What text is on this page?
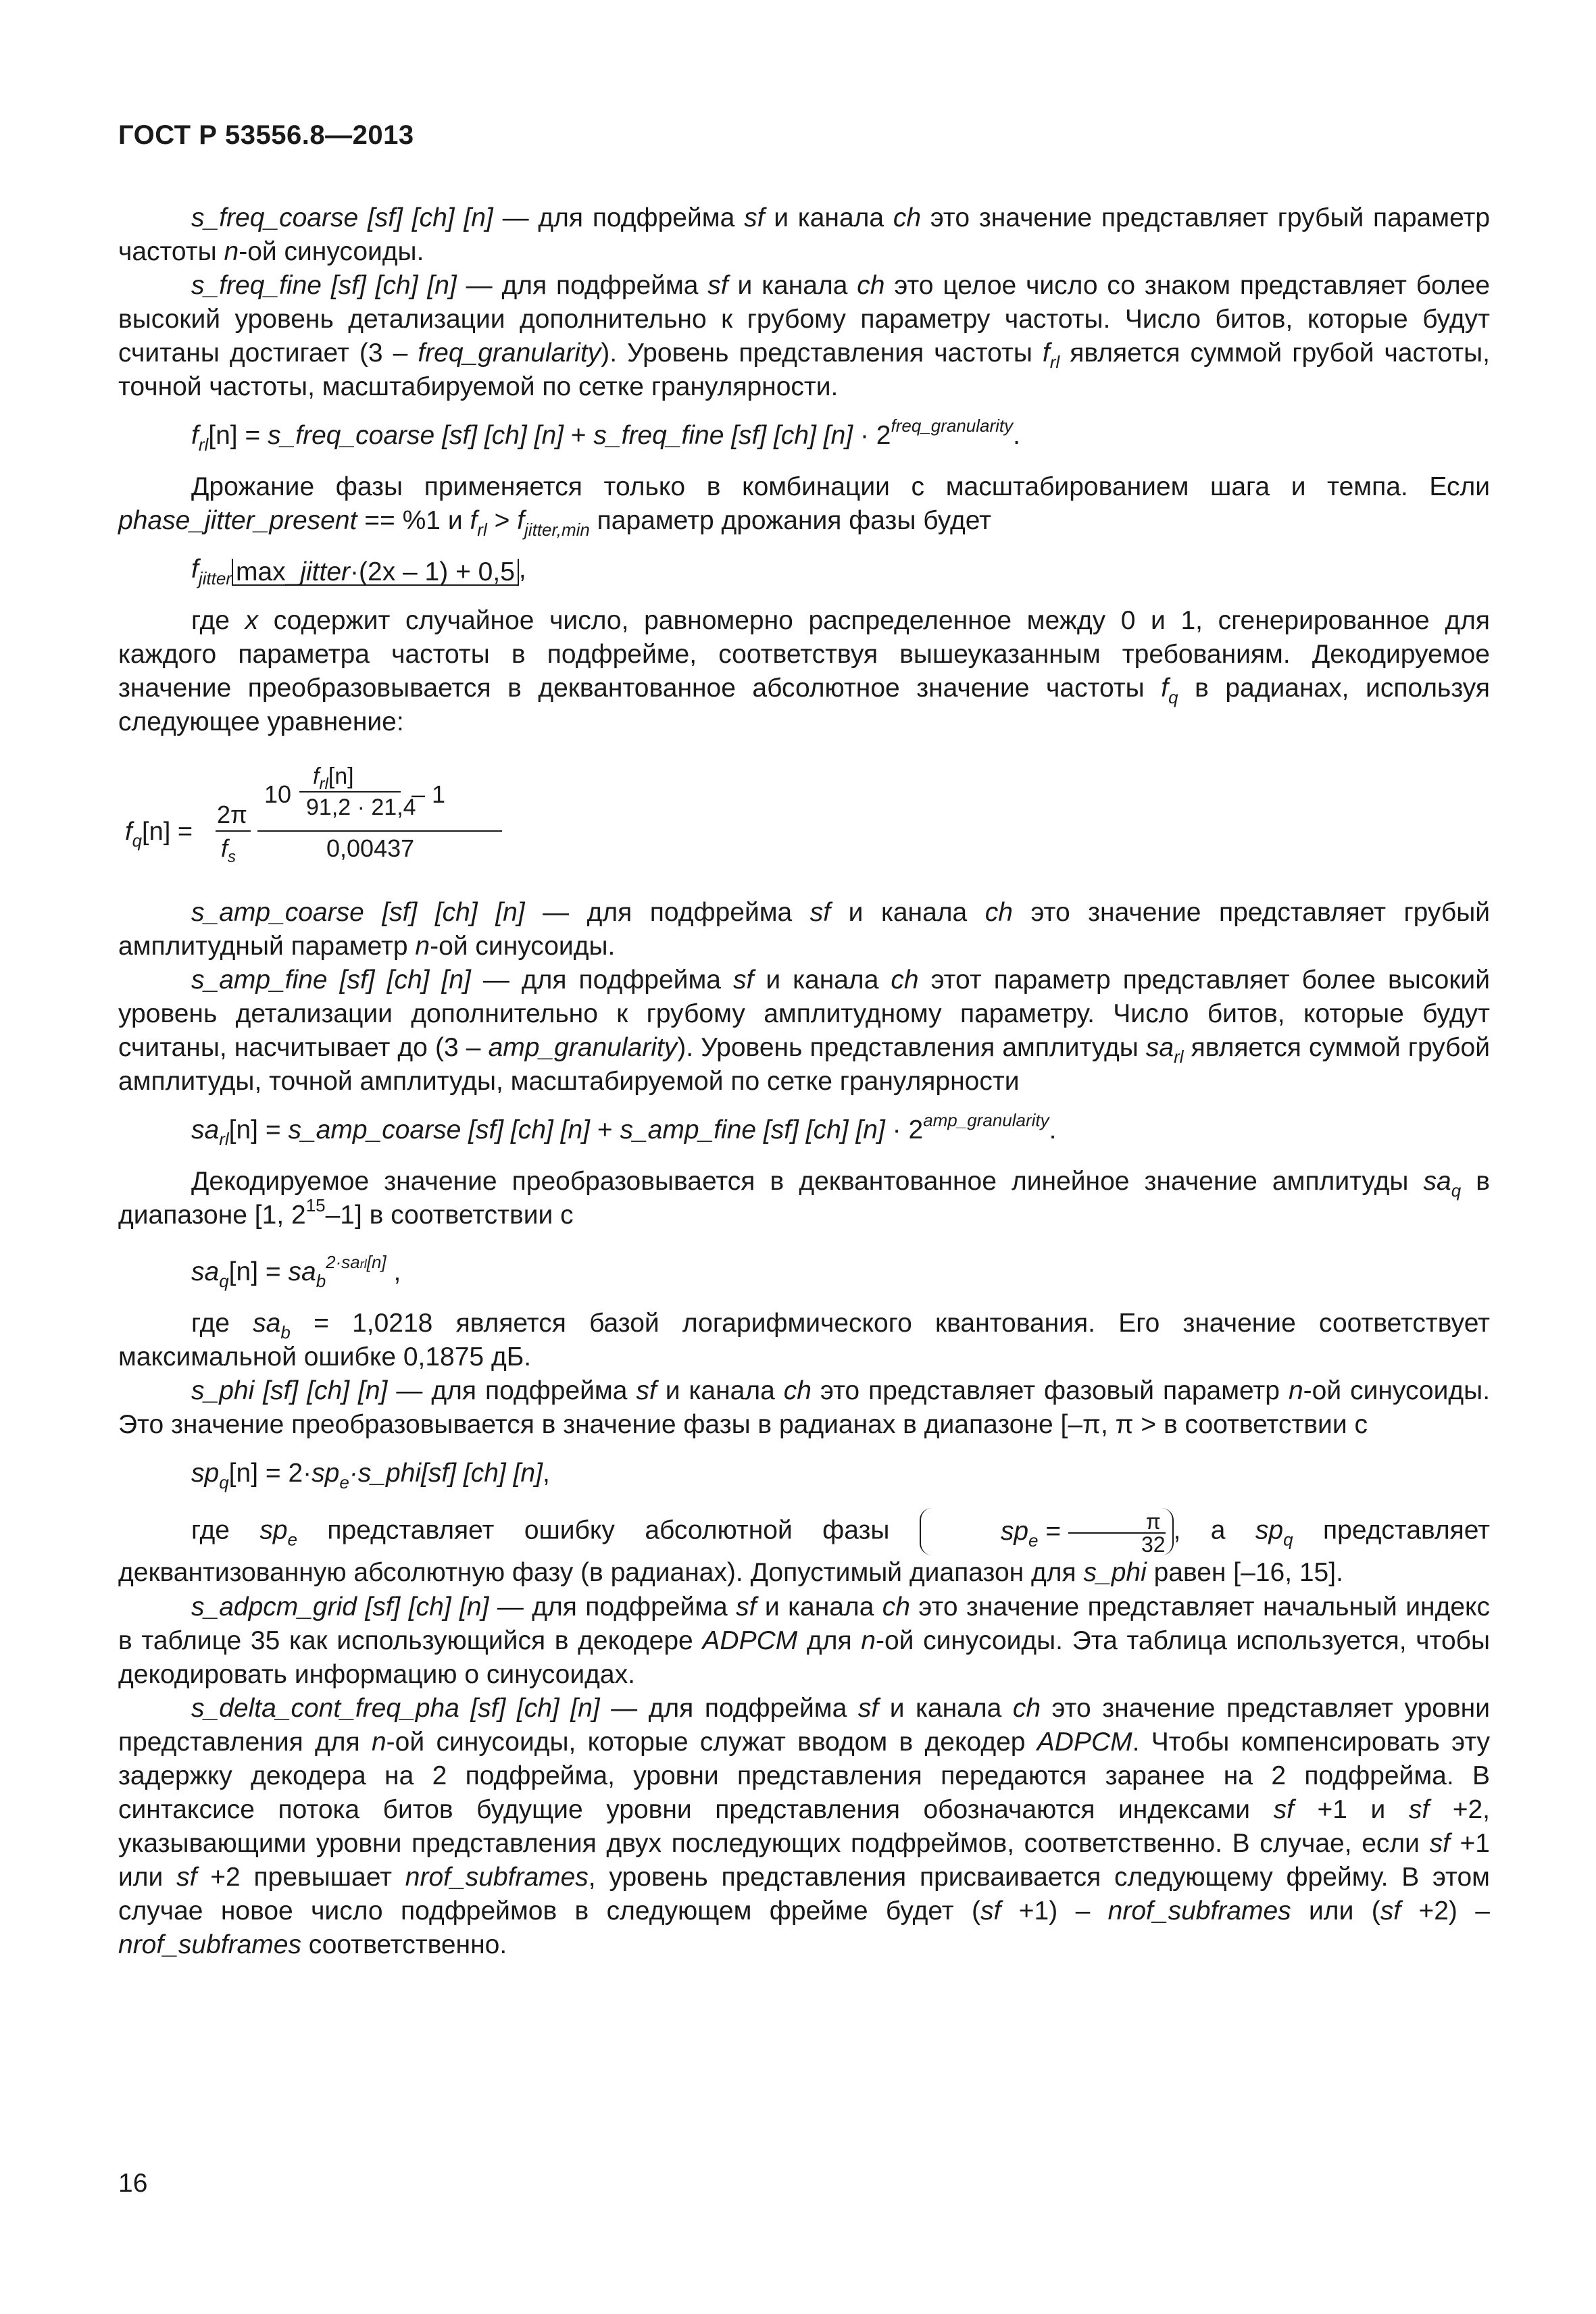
ГОСТ Р 53556.8—2013

s_freq_coarse [sf] [ch] [n] — для подфрейма sf и канала ch это значение представляет грубый параметр частоты n-ой синусоиды.

s_freq_fine [sf] [ch] [n] — для подфрейма sf и канала ch это целое число со знаком представляет более высокий уровень детализации дополнительно к грубому параметру частоты. Число битов, которые будут считаны достигает (3 – freq_granularity). Уровень представления частоты $f_{rl}$ является суммой грубой частоты, точной частоты, масштабируемой по сетке гранулярности.

$f_{rl}[n]$ = s_freq_coarse [sf] [ch] [n] + s_freq_fine [sf] [ch] $[n] \cdot 2^{freq\_granularity}$.

Дрожание фазы применяется только в комбинации с масштабированием шага и темпа. Если phase_jitter_present == %1 и $f_{rl} > f_{jitter,min}$ параметр дрожания фазы будет

$f_{jitter}$ max_jitter·(2x – 1) + 0,5 ,

где x содержит случайное число, равномерно распределенное между 0 и 1, сгенерированное для каждого параметра частоты в подфрейме, соответствуя вышеуказанным требованиям. Декодируемое значение преобразовывается в деквантованное абсолютное значение частоты $f_q$ в радианах, используя следующее уравнение:

$f_{rl}[n]$
10 91,2 · 21,4
– 1
0,00437
2π
$f_s$
$f_q[n]$ =

s_amp_coarse [sf] [ch] [n] — для подфрейма sf и канала ch это значение представляет грубый амплитудный параметр n-ой синусоиды.

s_amp_fine [sf] [ch] [n] — для подфрейма sf и канала ch этот параметр представляет более высокий уровень детализации дополнительно к грубому амплитудному параметру. Число битов, которые будут считаны, насчитывает до (3 – amp_granularity). Уровень представления амплитуды $sa_{rl}$ является суммой грубой амплитуды, точной амплитуды, масштабируемой по сетке гранулярности

$sa_{rl}[n]$ = s_amp_coarse [sf] [ch] [n] + s_amp_fine [sf] [ch] $[n] \cdot 2^{amp\_granularity}$.

Декодируемое значение преобразовывается в деквантованное линейное значение амплитуды $sa_q$ в диапазоне [1, $2^{15}-1$] в соответствии с

$sa_q[n] = sa_b^{2\cdot sarl[n]}$ ,

где $sa_b = 1,0218$ является базой логарифмического квантования. Его значение соответствует максимальной ошибке 0,1875 дБ.

s_phi [sf] [ch] [n] — для подфрейма sf и канала ch это представляет фазовый параметр n-ой синусоиды. Это значение преобразовывается в значение фазы в радианах в диапазоне [–π, π > в соответствии с

$sp_q[n]$ = $2\cdot sp_e\cdot s\_phi[sf]$ [ch] [n],

где $sp_e$ представляет ошибку абсолютной фазы	$sp_e = \frac{\pi}{32}$ , а $sp_q$ представляет деквантизованную абсолютную фазу (в радианах). Допустимый диапазон для s_phi равен [–16, 15].

s_adpcm_grid [sf] [ch] [n] — для подфрейма sf и канала ch это значение представляет начальный индекс в таблице 35 как использующийся в декодере ADPCM для n-ой синусоиды. Эта таблица используется, чтобы декодировать информацию о синусоидах.

s_delta_cont_freq_pha [sf] [ch] [n] — для подфрейма sf и канала ch это значение представляет уровни представления для n-ой синусоиды, которые служат вводом в декодер ADPCM. Чтобы компенсировать эту задержку декодера на 2 подфрейма, уровни представления передаются заранее на 2 подфрейма. В синтаксисе потока битов будущие уровни представления обозначаются индексами sf +1 и sf +2, указывающими уровни представления двух последующих подфреймов, соответственно. В случае, если sf +1 или sf +2 превышает nrof_subframes, уровень представления присваивается следующему фрейму. В этом случае новое число подфреймов в следующем фрейме будет (sf +1) – nrof_subframes или (sf +2) – nrof_subframes соответственно.

16
